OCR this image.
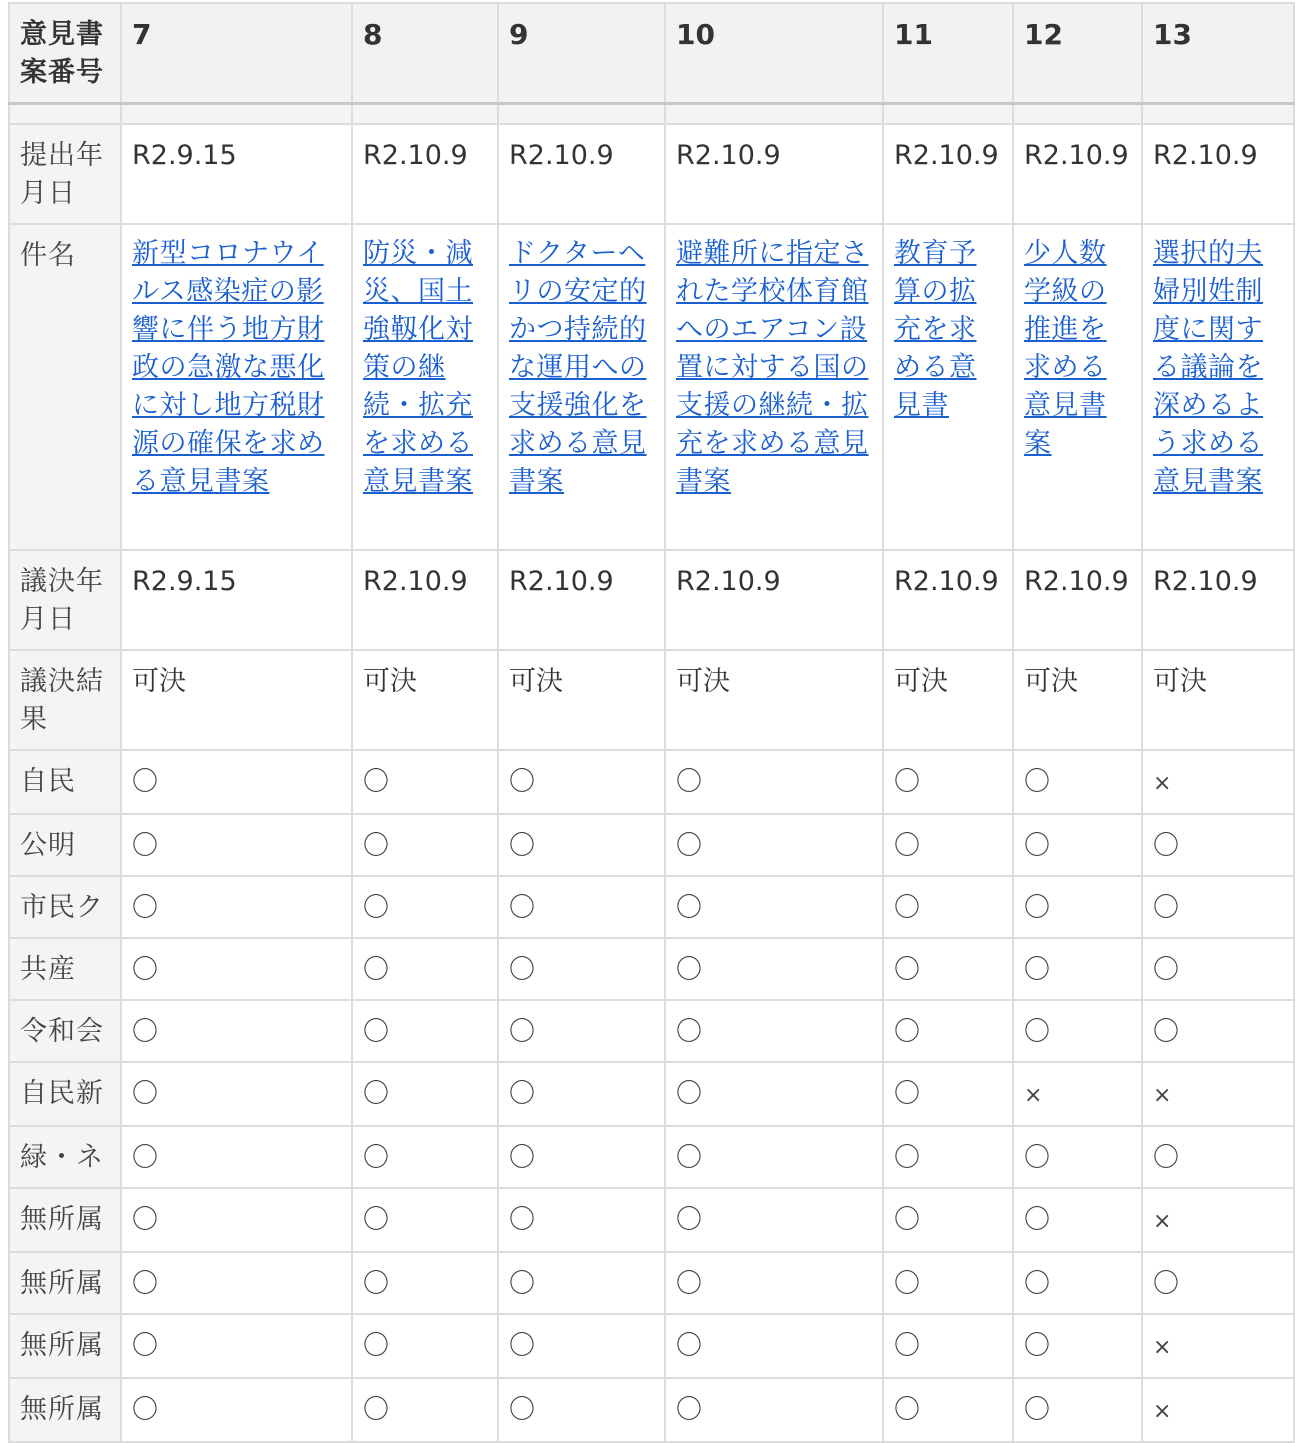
意見書案番号	7	8	9	10	11	12	13

提出年月日	R2.9.15	R2.10.9	R2.10.9	R2.10.9	R2.10.9	R2.10.9	R2.10.9
件名	新型コロナウイルス感染症の影響に伴う地方財政の急激な悪化に対し地方税財源の確保を求める意見書案	防災・減災、国土強靱化対策の継続・拡充を求める意見書案	ドクターヘリの安定的かつ持続的な運用への支援強化を求める意見書案	避難所に指定された学校体育館へのエアコン設置に対する国の支援の継続・拡充を求める意見書案	教育予算の拡充を求める意見書	少人数学級の推進を求める意見書案	選択的夫婦別姓制度に関する議論を深めるよう求める意見書案
議決年月日	R2.9.15	R2.10.9	R2.10.9	R2.10.9	R2.10.9	R2.10.9	R2.10.9
議決結果	可決	可決	可決	可決	可決	可決	可決
自民	〇	〇	〇	〇	〇	〇	×
公明	〇	〇	〇	〇	〇	〇	〇
市民ク	〇	〇	〇	〇	〇	〇	〇
共産	〇	〇	〇	〇	〇	〇	〇
令和会	〇	〇	〇	〇	〇	〇	〇
自民新	〇	〇	〇	〇	〇	×	×
緑・ネ	〇	〇	〇	〇	〇	〇	〇
無所属	〇	〇	〇	〇	〇	〇	×
無所属	〇	〇	〇	〇	〇	〇	〇
無所属	〇	〇	〇	〇	〇	〇	×
無所属	〇	〇	〇	〇	〇	〇	×
